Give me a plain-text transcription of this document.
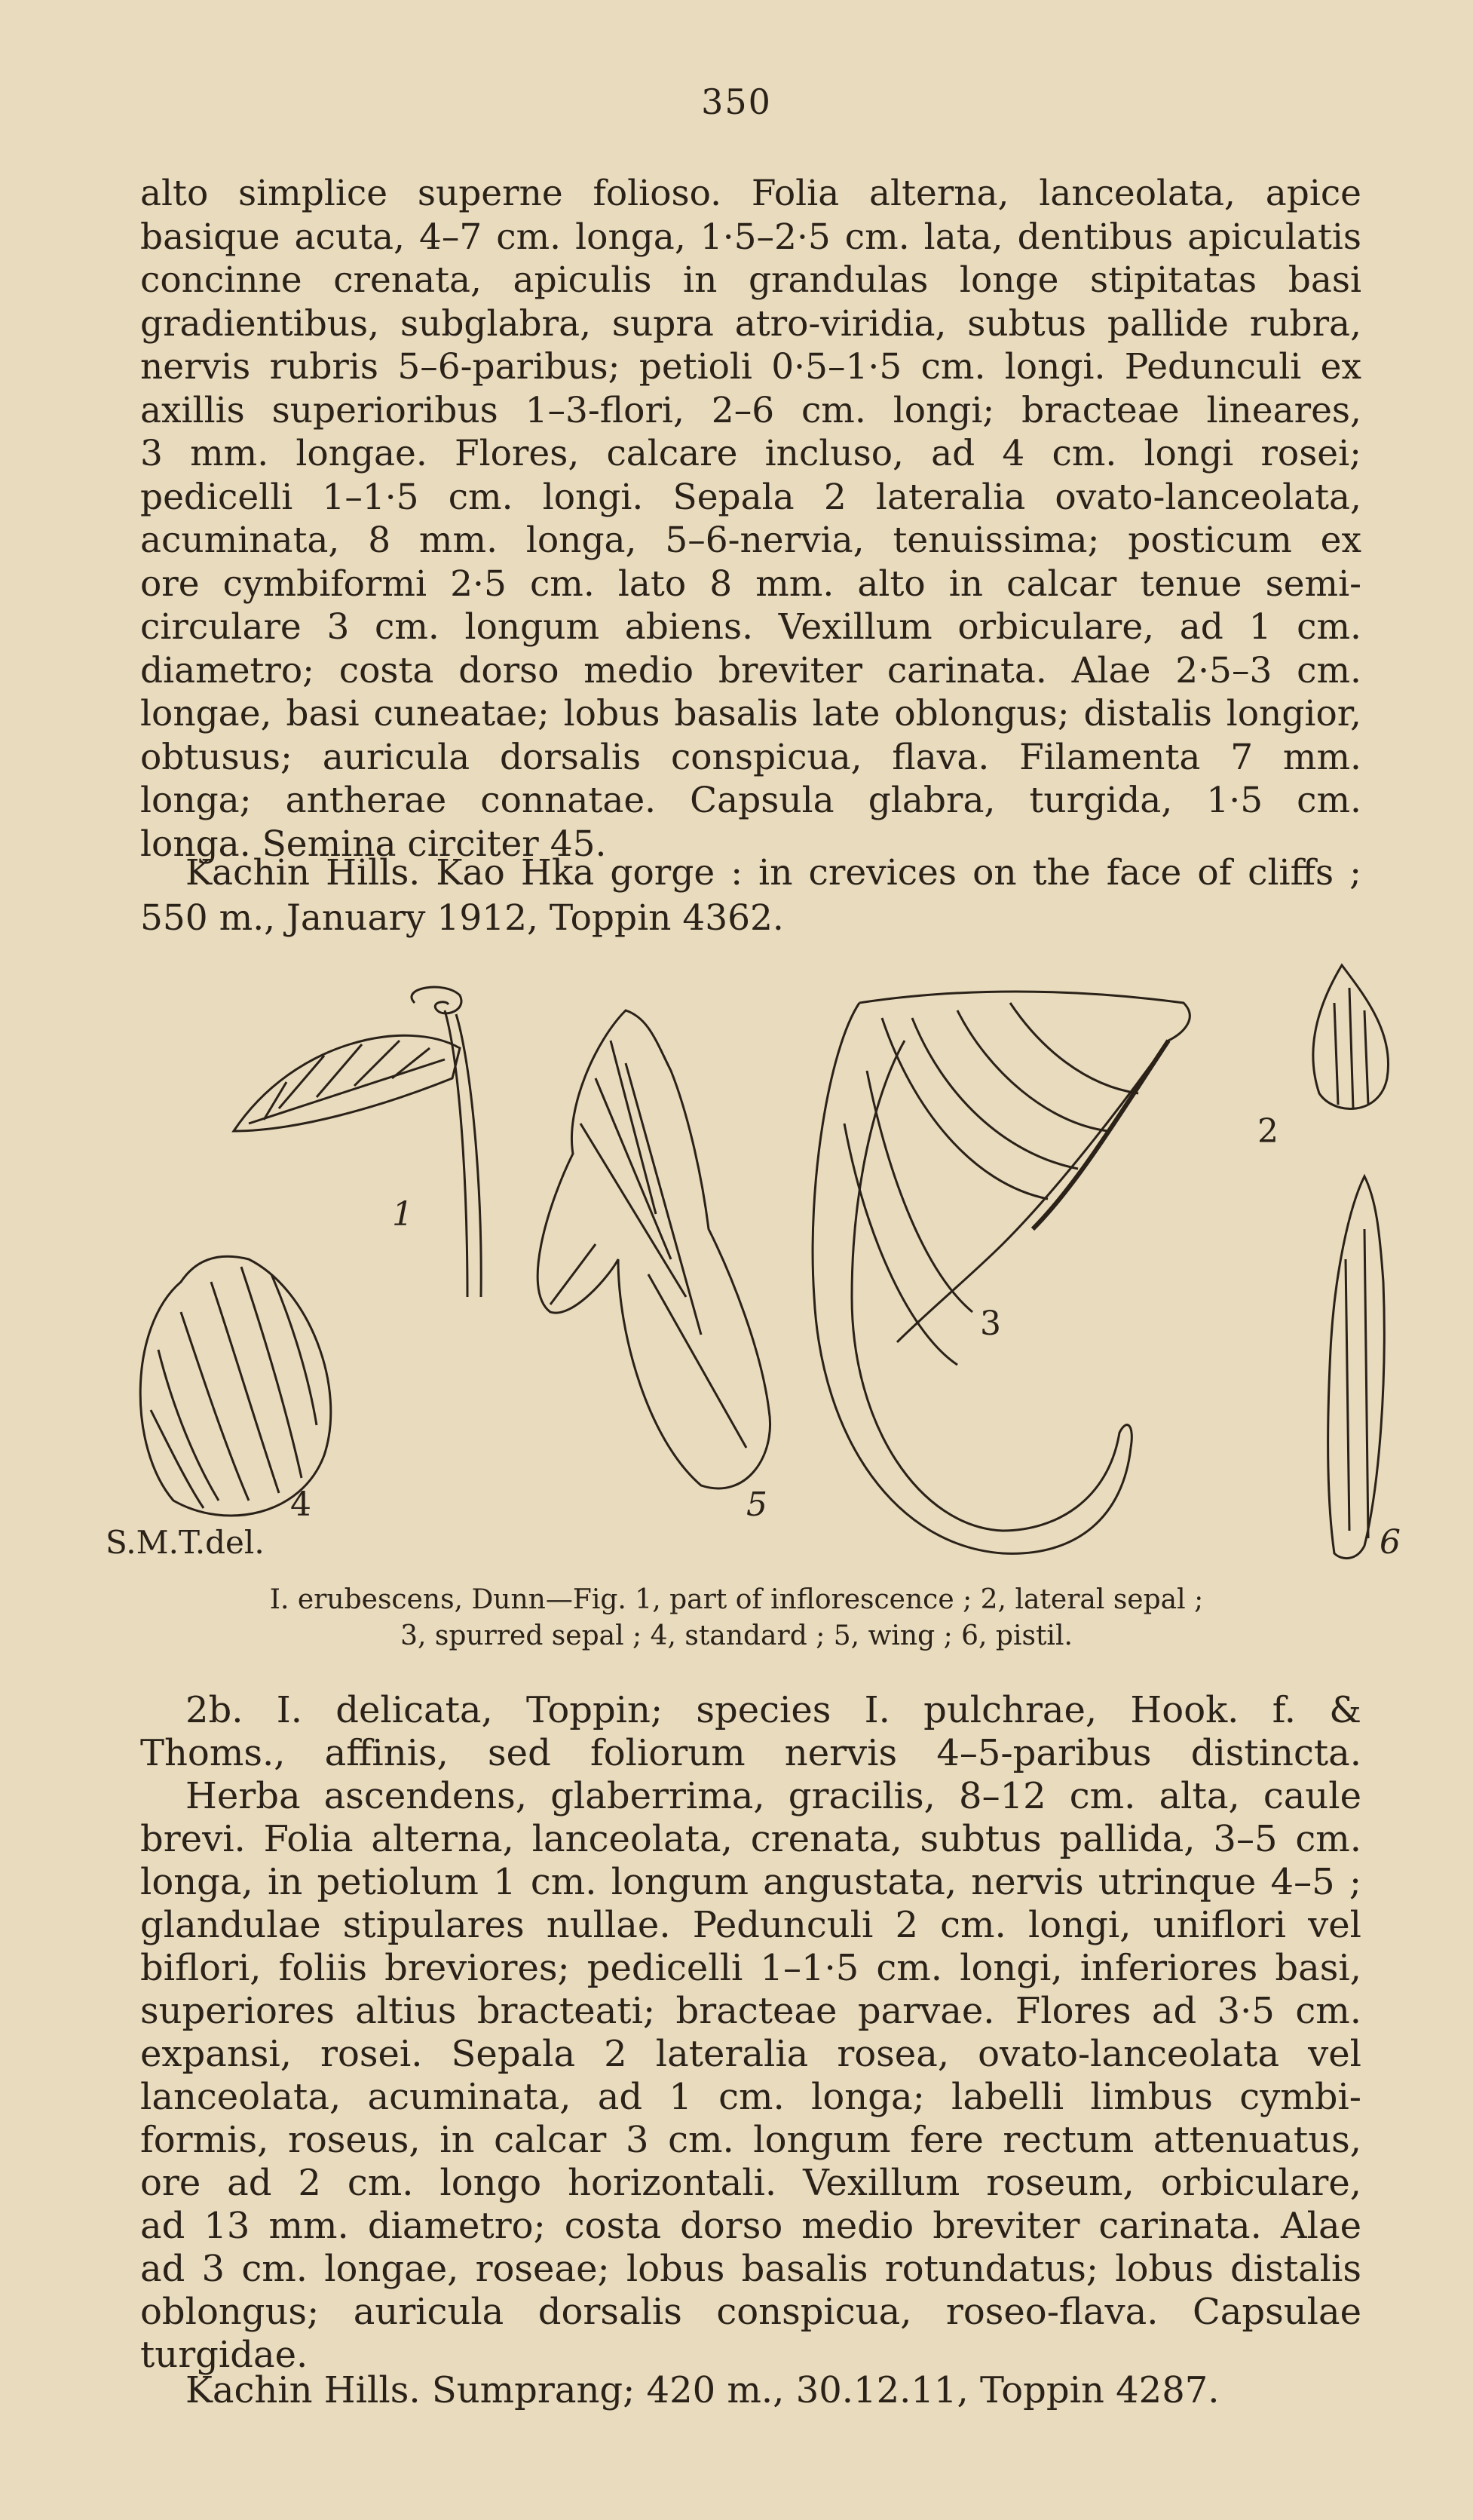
350
alto simplice superne folioso. Folia alterna, lanceolata, apice
basique acuta, 4–7 cm. longa, 1·5–2·5 cm. lata, dentibus apiculatis
concinne crenata, apiculis in grandulas longe stipitatas basi
gradientibus, subglabra, supra atro-viridia, subtus pallide rubra,
nervis rubris 5–6-paribus; petioli 0·5–1·5 cm. longi. Pedunculi ex
axillis superioribus 1–3-flori, 2–6 cm. longi; bracteae lineares,
3 mm. longae. Flores, calcare incluso, ad 4 cm. longi rosei;
pedicelli 1–1·5 cm. longi. Sepala 2 lateralia ovato-lanceolata,
acuminata, 8 mm. longa, 5–6-nervia, tenuissima; posticum ex
ore cymbiformi 2·5 cm. lato 8 mm. alto in calcar tenue semi-
circulare 3 cm. longum abiens. Vexillum orbiculare, ad 1 cm.
diametro; costa dorso medio breviter carinata. Alae 2·5–3 cm.
longae, basi cuneatae; lobus basalis late oblongus; distalis longior,
obtusus; auricula dorsalis conspicua, flava. Filamenta 7 mm.
longa; antherae connatae. Capsula glabra, turgida, 1·5 cm.
longa. Semina circiter 45.
Kachin Hills. Kao Hka gorge : in crevices on the face of cliffs ;
550 m., January 1912, Toppin 4362.
1
2
3
4	5
6
S.M.T.del.
I. erubescens, Dunn—Fig. 1, part of inflorescence ; 2, lateral sepal ;
3, spurred sepal ; 4, standard ; 5, wing ; 6, pistil.
2b. I. delicata, Toppin; species I. pulchrae, Hook. f. &
Thoms., affinis, sed foliorum nervis 4–5-paribus distincta.
Herba ascendens, glaberrima, gracilis, 8–12 cm. alta, caule
brevi. Folia alterna, lanceolata, crenata, subtus pallida, 3–5 cm.
longa, in petiolum 1 cm. longum angustata, nervis utrinque 4–5 ;
glandulae stipulares nullae. Pedunculi 2 cm. longi, uniflori vel
biflori, foliis breviores; pedicelli 1–1·5 cm. longi, inferiores basi,
superiores altius bracteati; bracteae parvae. Flores ad 3·5 cm.
expansi, rosei. Sepala 2 lateralia rosea, ovato-lanceolata vel
lanceolata, acuminata, ad 1 cm. longa; labelli limbus cymbi-
formis, roseus, in calcar 3 cm. longum fere rectum attenuatus,
ore ad 2 cm. longo horizontali. Vexillum roseum, orbiculare,
ad 13 mm. diametro; costa dorso medio breviter carinata. Alae
ad 3 cm. longae, roseae; lobus basalis rotundatus; lobus distalis
oblongus; auricula dorsalis conspicua, roseo-flava. Capsulae
turgidae.
Kachin Hills. Sumprang; 420 m., 30.12.11, Toppin 4287.
